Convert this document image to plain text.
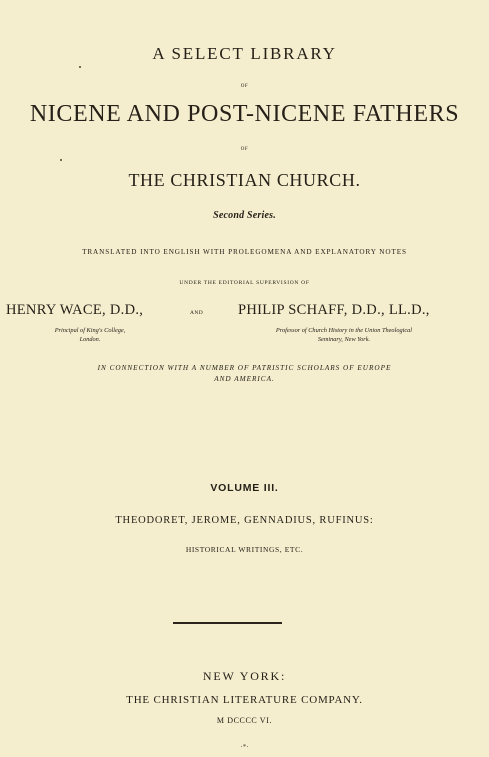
A SELECT LIBRARY

OF

NICENE AND POST-NICENE FATHERS

OF

THE CHRISTIAN CHURCH.

Second Series.

TRANSLATED INTO ENGLISH WITH PROLEGOMENA AND EXPLANATORY NOTES

UNDER THE EDITORIAL SUPERVISION OF

HENRY WACE, D.D.,	AND PHILIP SCHAFF, D.D., LL.D.,
Principal of King's College,
London.
Professor of Church History in the Union Theological
Seminary, New York.
IN CONNECTION WITH A NUMBER OF PATRISTIC SCHOLARS OF EUROPE
AND AMERICA.

VOLUME III.

THEODORET, JEROME, GENNADIUS, RUFINUS:

HISTORICAL WRITINGS, ETC.

NEW YORK:

THE CHRISTIAN LITERATURE COMPANY.

M DCCCC VI.

·*·
